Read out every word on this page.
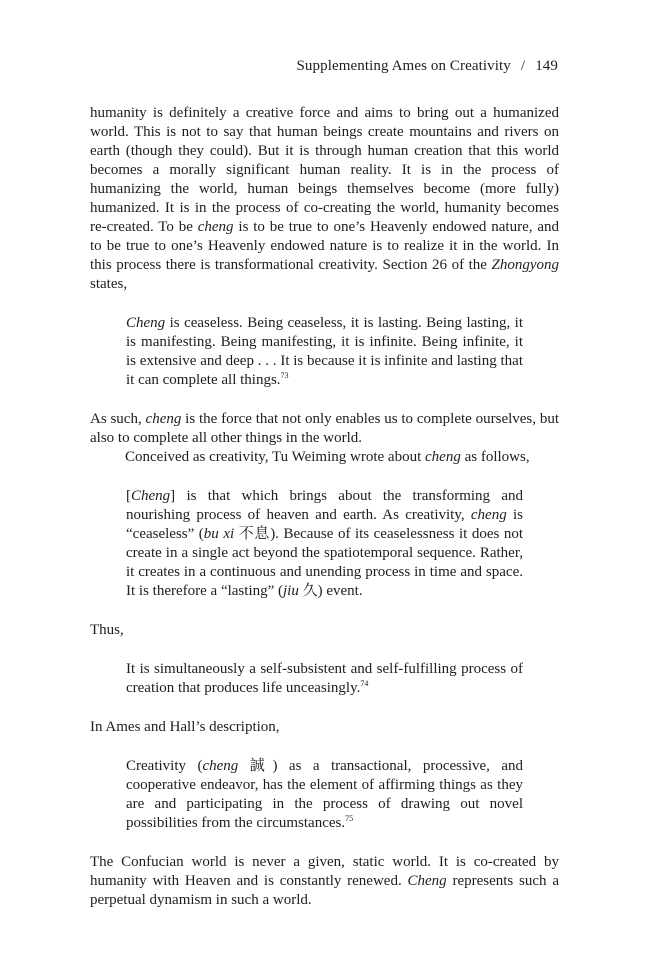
Supplementing Ames on Creativity / 149

humanity is definitely a creative force and aims to bring out a humanized world. This is not to say that human beings create mountains and rivers on earth (though they could). But it is through human creation that this world becomes a morally significant human reality. It is in the process of humanizing the world, human beings themselves become (more fully) humanized. It is in the process of co-creating the world, humanity becomes re-created. To be cheng is to be true to one’s Heavenly endowed nature, and to be true to one’s Heavenly endowed nature is to realize it in the world. In this process there is transformational creativity. Section 26 of the Zhongyong states,

Cheng is ceaseless. Being ceaseless, it is lasting. Being lasting, it is manifesting. Being manifesting, it is infinite. Being infinite, it is extensive and deep . . . It is because it is infinite and lasting that it can complete all things.$^{73}$

As such, cheng is the force that not only enables us to complete ourselves, but also to complete all other things in the world.

Conceived as creativity, Tu Weiming wrote about cheng as follows,

[Cheng] is that which brings about the transforming and nourishing process of heaven and earth. As creativity, cheng is “ceaseless” (bu xi 不息). Because of its ceaselessness it does not create in a single act beyond the spatiotemporal sequence. Rather, it creates in a continuous and unending process in time and space. It is therefore a “lasting” (jiu 久) event.

Thus,

It is simultaneously a self-subsistent and self-fulfilling process of creation that produces life unceasingly.$^{74}$

In Ames and Hall’s description,

Creativity (cheng 誠) as a transactional, processive, and cooperative endeavor, has the element of affirming things as they are and participating in the process of drawing out novel possibilities from the circumstances.$^{75}$

The Confucian world is never a given, static world. It is co-created by humanity with Heaven and is constantly renewed. Cheng represents such a perpetual dynamism in such a world.
